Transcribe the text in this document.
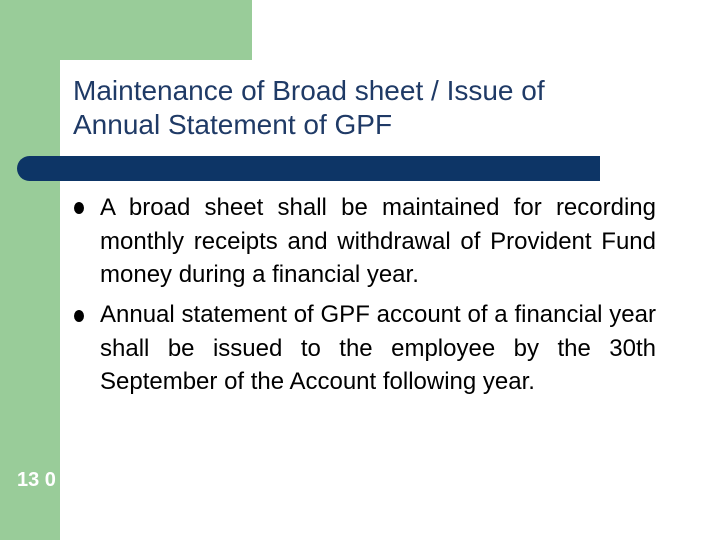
Maintenance of Broad sheet / Issue of
Annual Statement of GPF
A broad sheet shall be maintained for recording monthly receipts and withdrawal of Provident Fund money during a financial year.
Annual statement of GPF account of a financial year shall be issued to the employee by the 30th September of the Account following year.
13 0
